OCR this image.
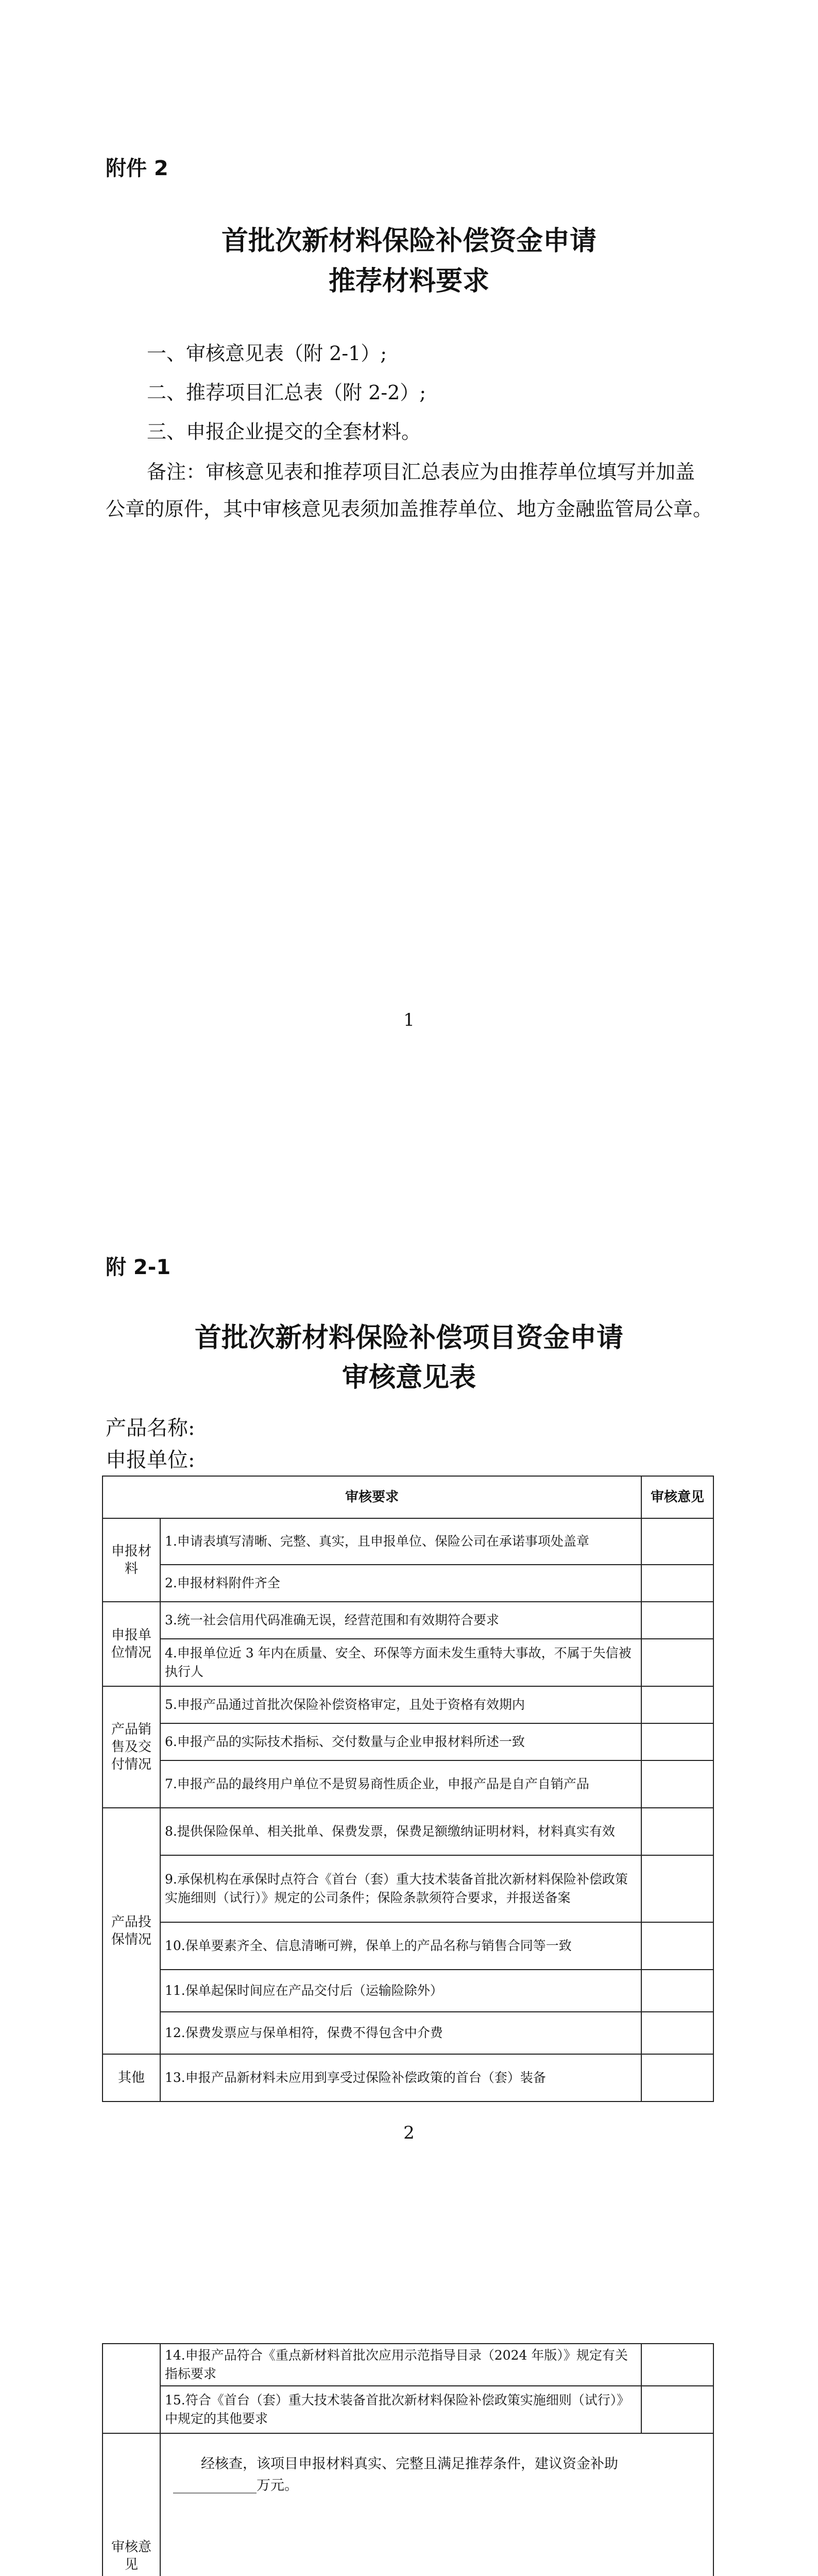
附件 2
首批次新材料保险补偿资金申请
推荐材料要求
一、审核意见表（附 2-1）;
二、推荐项目汇总表（附 2-2）;
三、申报企业提交的全套材料。
备注：审核意见表和推荐项目汇总表应为由推荐单位填写并加盖公章的原件，其中审核意见表须加盖推荐单位、地方金融监管局公章。
1
附 2-1
首批次新材料保险补偿项目资金申请
审核意见表
产品名称:
申报单位:
审核要求		审核意见
申报材料	1.申请表填写清晰、完整、真实，且申报单位、保险公司在承诺事项处盖章	
	2.申报材料附件齐全	
申报单位情况	3.统一社会信用代码准确无误，经营范围和有效期符合要求	
	4.申报单位近 3 年内在质量、安全、环保等方面未发生重特大事故，不属于失信被执行人	
产品销售及交付情况	5.申报产品通过首批次保险补偿资格审定，且处于资格有效期内	
	6.申报产品的实际技术指标、交付数量与企业申报材料所述一致	
	7.申报产品的最终用户单位不是贸易商性质企业，申报产品是自产自销产品	
产品投保情况	8.提供保险保单、相关批单、保费发票，保费足额缴纳证明材料，材料真实有效	
	9.承保机构在承保时点符合《首台（套）重大技术装备首批次新材料保险补偿政策实施细则（试行）》规定的公司条件；保险条款须符合要求，并报送备案	
	10.保单要素齐全、信息清晰可辨，保单上的产品名称与销售合同等一致	
	11.保单起保时间应在产品交付后（运输险除外）	
	12.保费发票应与保单相符，保费不得包含中介费	
其他	13.申报产品新材料未应用到享受过保险补偿政策的首台（套）装备	
2
	14.申报产品符合《重点新材料首批次应用示范指导目录（2024 年版）》规定有关指标要求	
	15.符合《首台（套）重大技术装备首批次新材料保险补偿政策实施细则（试行）》中规定的其他要求	
审核意见	经核查，该项目申报材料真实、完整且满足推荐条件，建议资金补助____________万元。	
